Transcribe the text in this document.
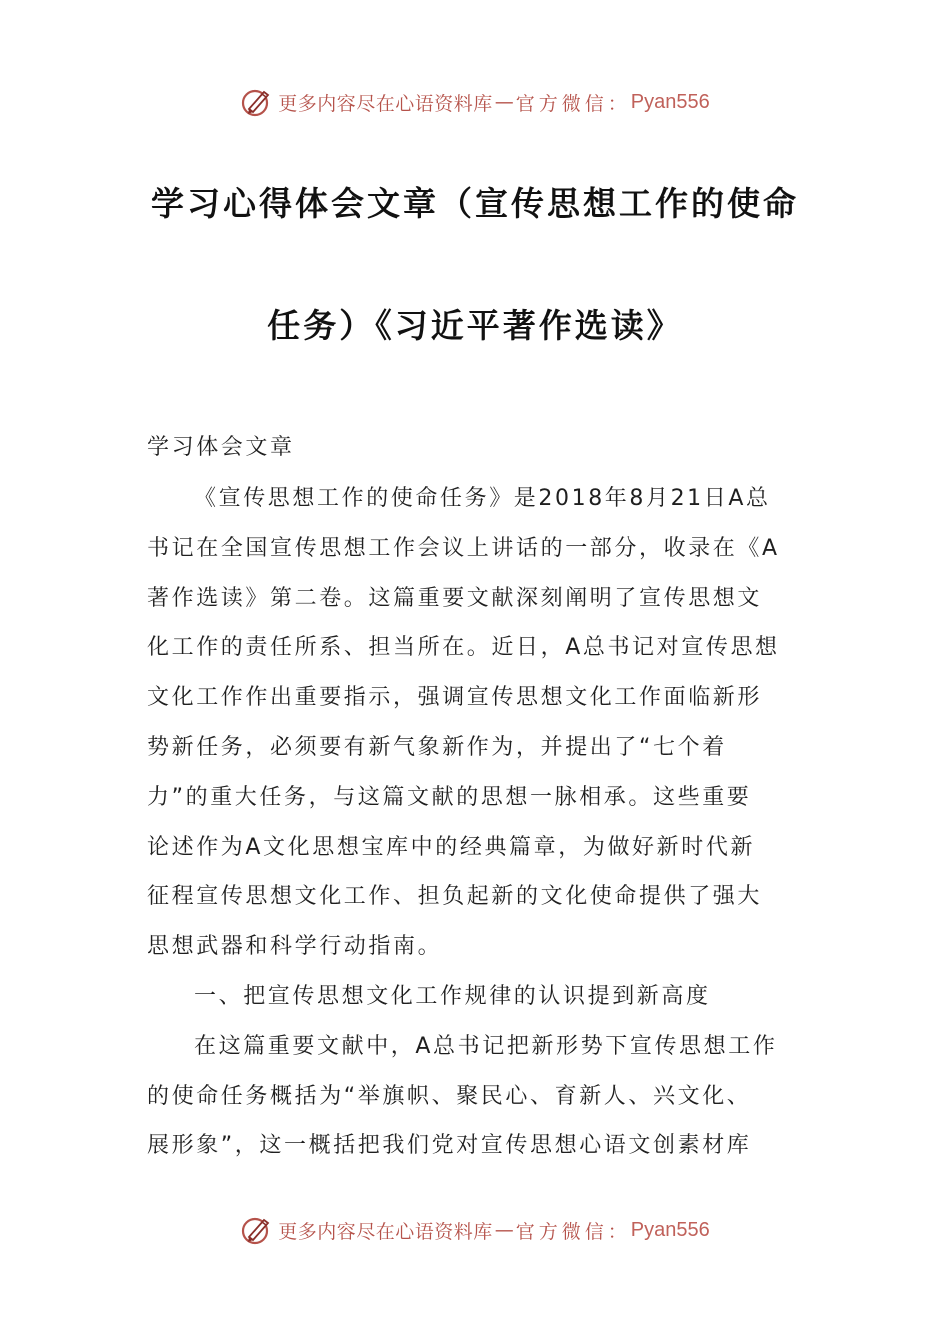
更多内容尽在心语资料库 — 官方微信： Pyan556
学习心得体会文章（宣传思想工作的使命
任务）《习近平著作选读》
学习体会文章
《宣传思想工作的使命任务》是2018年8月21日A总
书记在全国宣传思想工作会议上讲话的一部分，收录在《A
著作选读》第二卷。这篇重要文献深刻阐明了宣传思想文
化工作的责任所系、担当所在。近日，A总书记对宣传思想
文化工作作出重要指示，强调宣传思想文化工作面临新形
势新任务，必须要有新气象新作为，并提出了“七个着
力”的重大任务，与这篇文献的思想一脉相承。这些重要
论述作为A文化思想宝库中的经典篇章，为做好新时代新
征程宣传思想文化工作、担负起新的文化使命提供了强大
思想武器和科学行动指南。
一、把宣传思想文化工作规律的认识提到新高度
在这篇重要文献中，A总书记把新形势下宣传思想工作
的使命任务概括为“举旗帜、聚民心、育新人、兴文化、
展形象”，这一概括把我们党对宣传思想心语文创素材库
更多内容尽在心语资料库 — 官方微信： Pyan556
